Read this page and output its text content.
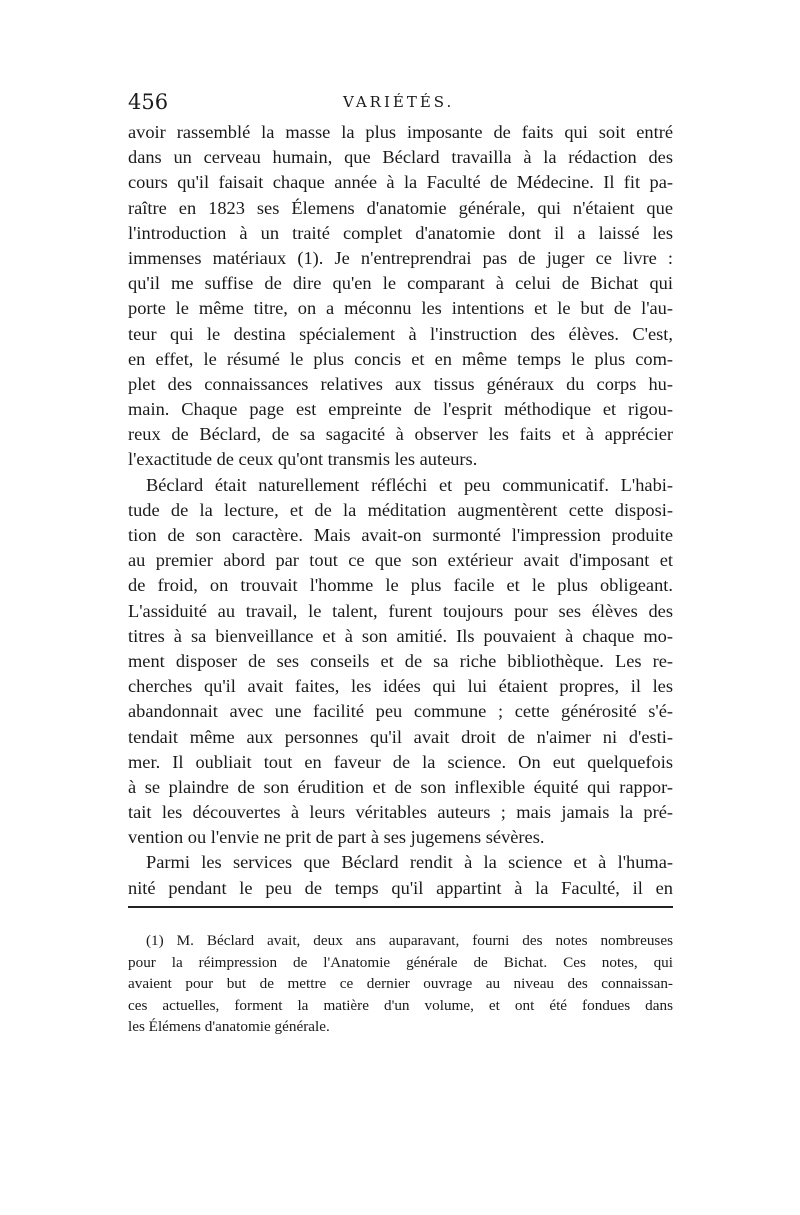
456	VARIÉTÉS.
avoir rassemblé la masse la plus imposante de faits qui soit entré
dans un cerveau humain, que Béclard travailla à la rédaction des
cours qu'il faisait chaque année à la Faculté de Médecine. Il fit pa-
raître en 1823 ses Élemens d'anatomie générale, qui n'étaient que
l'introduction à un traité complet d'anatomie dont il a laissé les
immenses matériaux (1). Je n'entreprendrai pas de juger ce livre :
qu'il me suffise de dire qu'en le comparant à celui de Bichat qui
porte le même titre, on a méconnu les intentions et le but de l'au-
teur qui le destina spécialement à l'instruction des élèves. C'est,
en effet, le résumé le plus concis et en même temps le plus com-
plet des connaissances relatives aux tissus généraux du corps hu-
main. Chaque page est empreinte de l'esprit méthodique et rigou-
reux de Béclard, de sa sagacité à observer les faits et à apprécier
l'exactitude de ceux qu'ont transmis les auteurs.
Béclard était naturellement réfléchi et peu communicatif. L'habi-
tude de la lecture, et de la méditation augmentèrent cette disposi-
tion de son caractère. Mais avait-on surmonté l'impression produite
au premier abord par tout ce que son extérieur avait d'imposant et
de froid, on trouvait l'homme le plus facile et le plus obligeant.
L'assiduité au travail, le talent, furent toujours pour ses élèves des
titres à sa bienveillance et à son amitié. Ils pouvaient à chaque mo-
ment disposer de ses conseils et de sa riche bibliothèque. Les re-
cherches qu'il avait faites, les idées qui lui étaient propres, il les
abandonnait avec une facilité peu commune ; cette générosité s'é-
tendait même aux personnes qu'il avait droit de n'aimer ni d'esti-
mer. Il oubliait tout en faveur de la science. On eut quelquefois
à se plaindre de son érudition et de son inflexible équité qui rappor-
tait les découvertes à leurs véritables auteurs ; mais jamais la pré-
vention ou l'envie ne prit de part à ses jugemens sévères.
Parmi les services que Béclard rendit à la science et à l'huma-
nité pendant le peu de temps qu'il appartint à la Faculté, il en
(1) M. Béclard avait, deux ans auparavant, fourni des notes nombreuses
pour la réimpression de l'Anatomie générale de Bichat. Ces notes, qui
avaient pour but de mettre ce dernier ouvrage au niveau des connaissan-
ces actuelles, forment la matière d'un volume, et ont été fondues dans
les Élémens d'anatomie générale.
